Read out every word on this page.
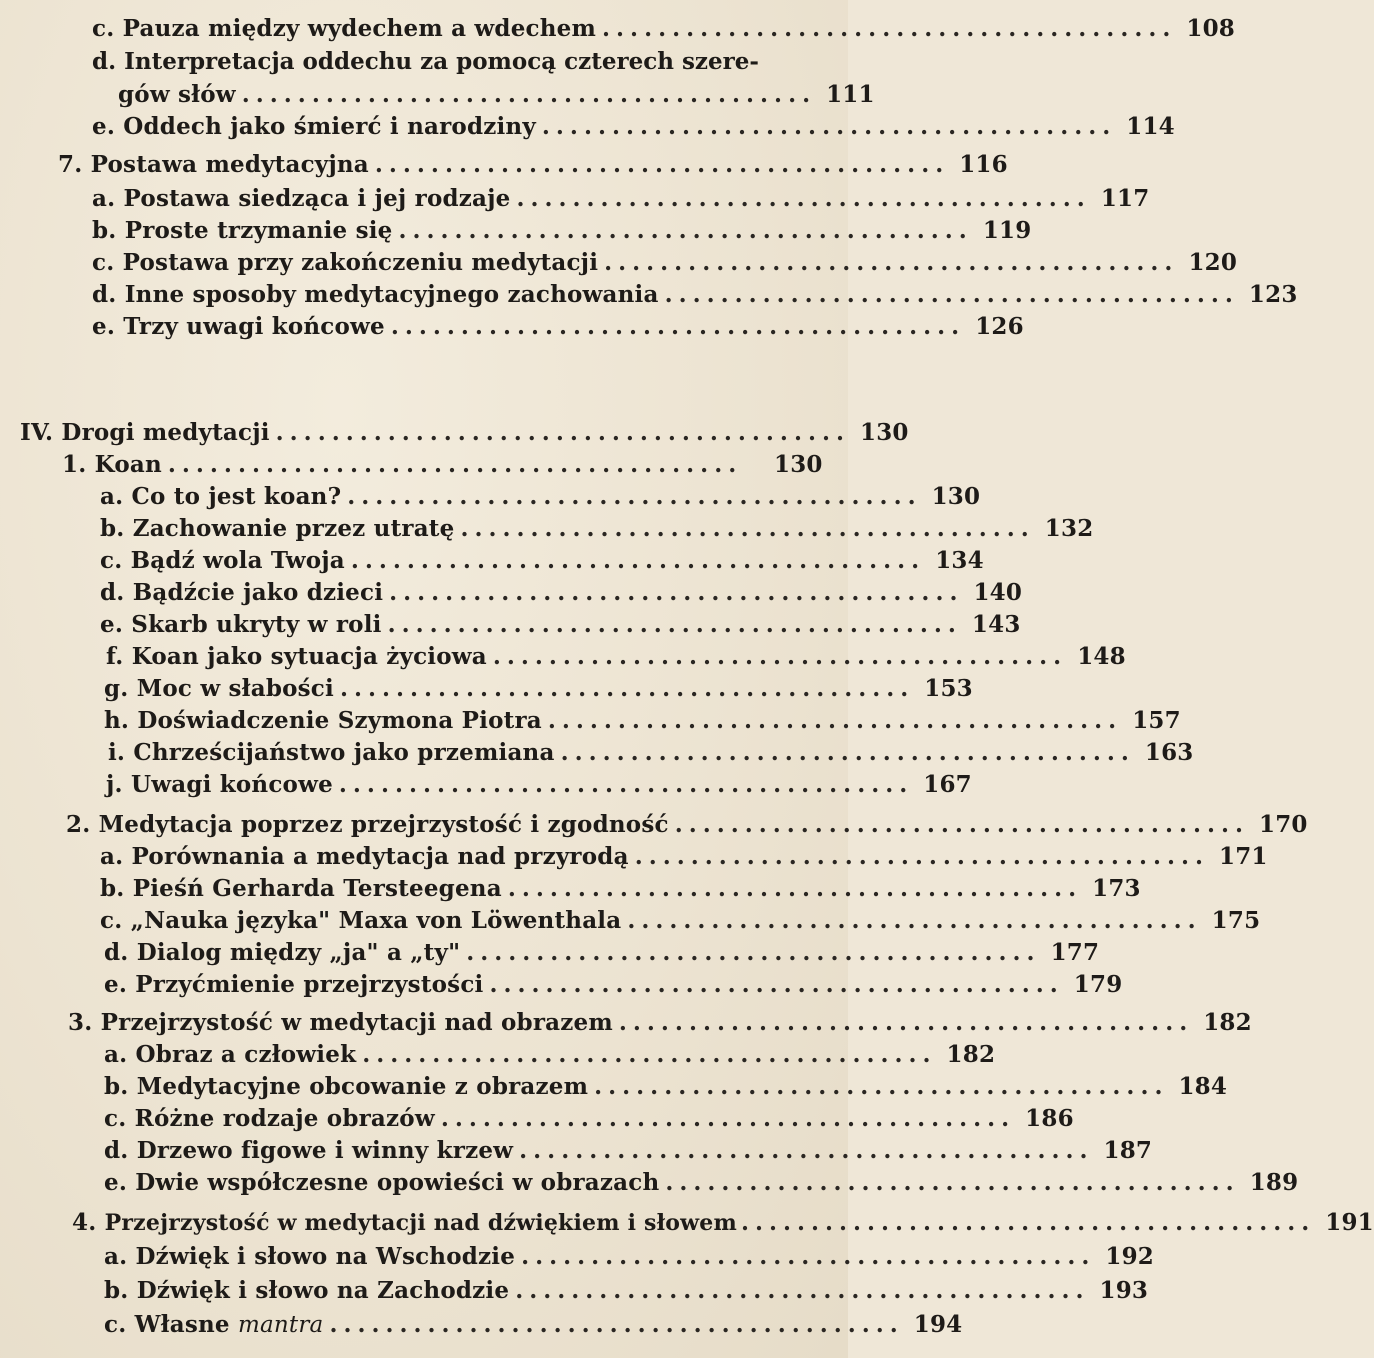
c.
Pauza między wydechem a wdechem ......................................... 108
d. Interpretacja oddechu za pomocą czterech szere-
gów słów ......................................... 111
e.
Oddech jako śmierć i narodziny ......................................... 114
7.
Postawa medytacyjna ......................................... 116
a.
Postawa siedząca i jej rodzaje ......................................... 117
b.
Proste trzymanie się ......................................... 119
c.
Postawa przy zakończeniu medytacji ......................................... 120
d.
Inne sposoby medytacyjnego zachowania ......................................... 123
e.
Trzy uwagi końcowe ......................................... 126
IV.
Drogi medytacji ......................................... 130
1.
Koan .........................................	130
a.
Co to jest koan? ......................................... 130
b.
Zachowanie przez utratę ......................................... 132
c.
Bądź wola Twoja ......................................... 134
d.
Bądźcie jako dzieci ......................................... 140
e.
Skarb ukryty w roli ......................................... 143
f.
Koan jako sytuacja życiowa ......................................... 148
g.
Moc w słabości ......................................... 153
h.
Doświadczenie Szymona Piotra ......................................... 157
i.
Chrześcijaństwo jako przemiana ......................................... 163
j.
Uwagi końcowe ......................................... 167
2.
Medytacja poprzez przejrzystość i zgodność ......................................... 170
a.
Porównania a medytacja nad przyrodą ......................................... 171
b.
Pieśń Gerharda Tersteegena ......................................... 173
c.
„Nauka języka" Maxa von Löwenthala ......................................... 175
d.
Dialog między „ja" a „ty" ......................................... 177
e.
Przyćmienie przejrzystości ......................................... 179
3.
Przejrzystość w medytacji nad obrazem ......................................... 182
a.
Obraz a człowiek ......................................... 182
b.
Medytacyjne obcowanie z obrazem ......................................... 184
c.
Różne rodzaje obrazów ......................................... 186
d.
Drzewo figowe i winny krzew ......................................... 187
e.
Dwie współczesne opowieści w obrazach ......................................... 189
4.
Przejrzystość w medytacji nad dźwiękiem i słowem ......................................... 191
a.
Dźwięk i słowo na Wschodzie ......................................... 192
b.
Dźwięk i słowo na Zachodzie ......................................... 193
c.
Własne
mantra ......................................... 194
